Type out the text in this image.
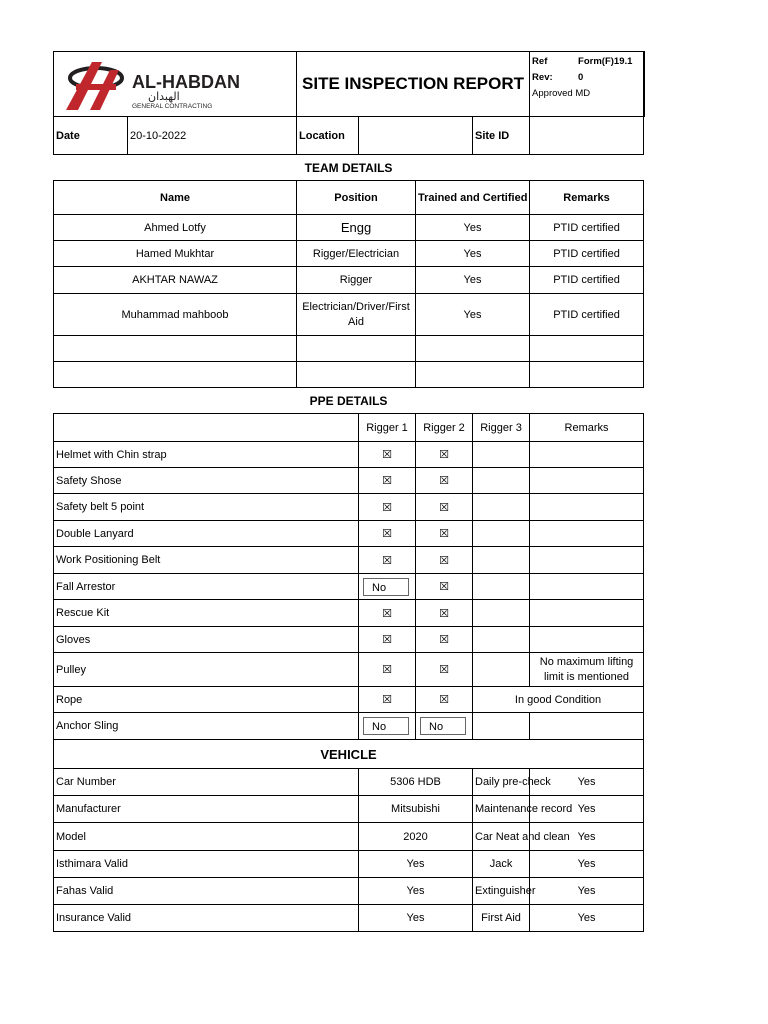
AL-HABDAN
الهبدان
GENERAL CONTRACTING		SITE INSPECTION REPORT				Ref Form(F)19.1
Rev: 0
Approved MD

Date	20-10-2022	Location			Site ID	
TEAM DETAILS						
Name		Position		Trained and Certified		Remarks
Ahmed Lotfy		Engg		Yes		PTID certified
Hamed Mukhtar		Rigger/Electrician		Yes		PTID certified
AKHTAR NAWAZ		Rigger		Yes		PTID certified
Muhammad mahboob		Electrician/Driver/First Aid		Yes		PTID certified

PPE DETAILS						
			Rigger 1	Rigger 2	Rigger 3	Remarks
Helmet with Chin strap			☒	☒		
Safety Shose			☒	☒		
Safety belt 5 point			☒	☒		
Double Lanyard			☒	☒		
Work Positioning Belt			☒	☒		
Fall Arrestor			No	☒		
Rescue Kit			☒	☒		
Gloves			☒	☒		
Pulley			☒	☒		No maximum lifting limit is mentioned
Rope			☒	☒	In good Condition	
Anchor Sling			No	No		
VEHICLE						
Car Number			5306 HDB		Daily pre-check	Yes
Manufacturer			Mitsubishi		Maintenance record	Yes
Model			2020		Car Neat and clean	Yes
Isthimara Valid			Yes		Jack	Yes
Fahas Valid			Yes		Extinguisher	Yes
Insurance Valid			Yes		First Aid	Yes
